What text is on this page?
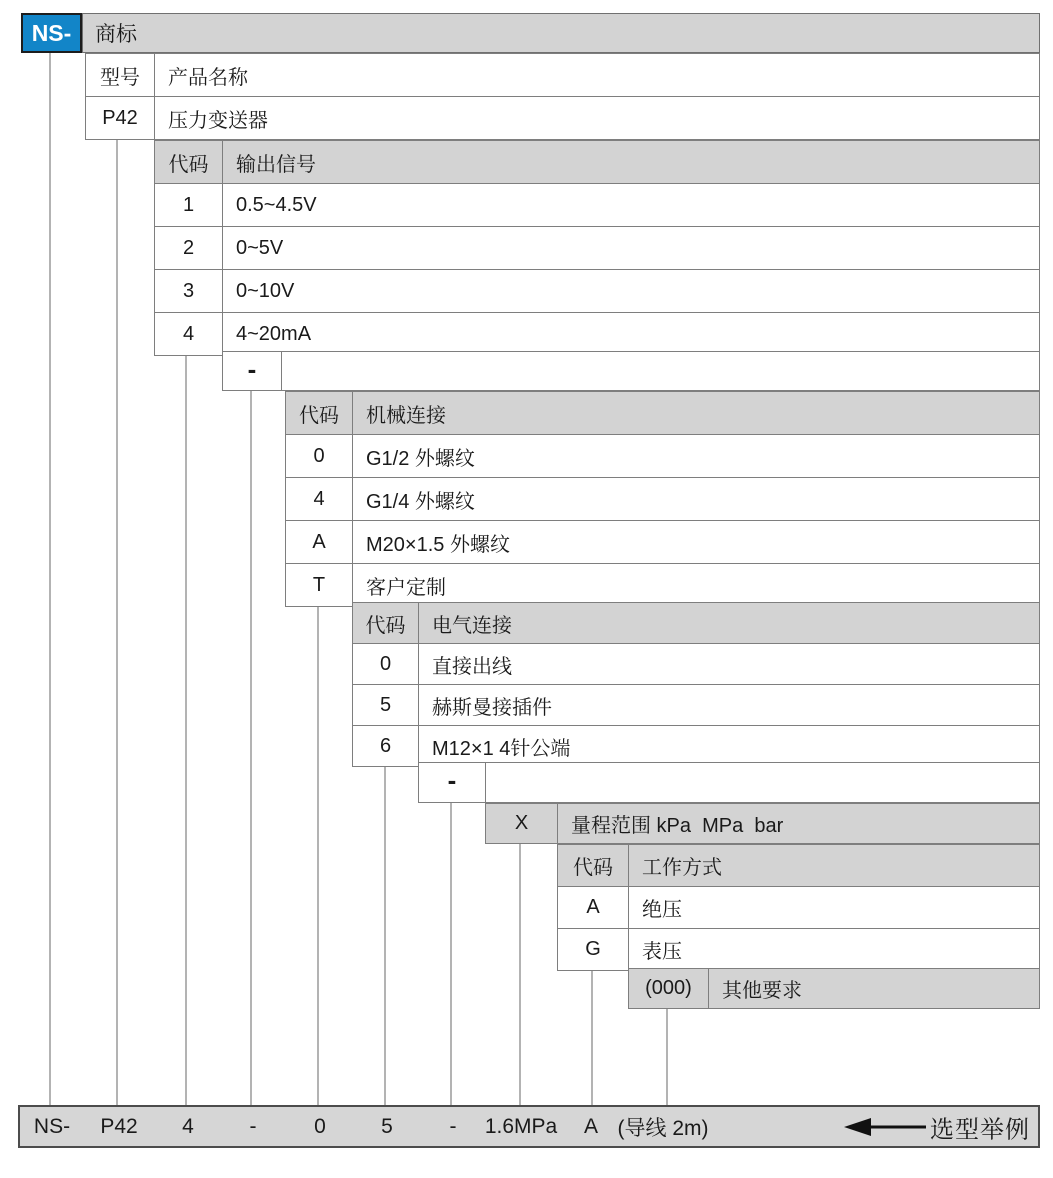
NS- 商标
型号	产品名称
P42	压力变送器
代码	输出信号
1	0.5~4.5V
2	0~5V
3	0~10V
4	4~20mA
-
代码	机械连接
0	G1/2 外螺纹
4	G1/4 外螺纹
A	M20×1.5 外螺纹
T	客户定制
代码	电气连接
0	直接出线
5	赫斯曼接插件
6	M12×1 4针公端
-
X	量程范围 kPa  MPa  bar
代码	工作方式
A	绝压
G	表压
(000)	其他要求
NS- P42 4	-	0	5	- 1.6MPa A (导线 2m)	选型举例
